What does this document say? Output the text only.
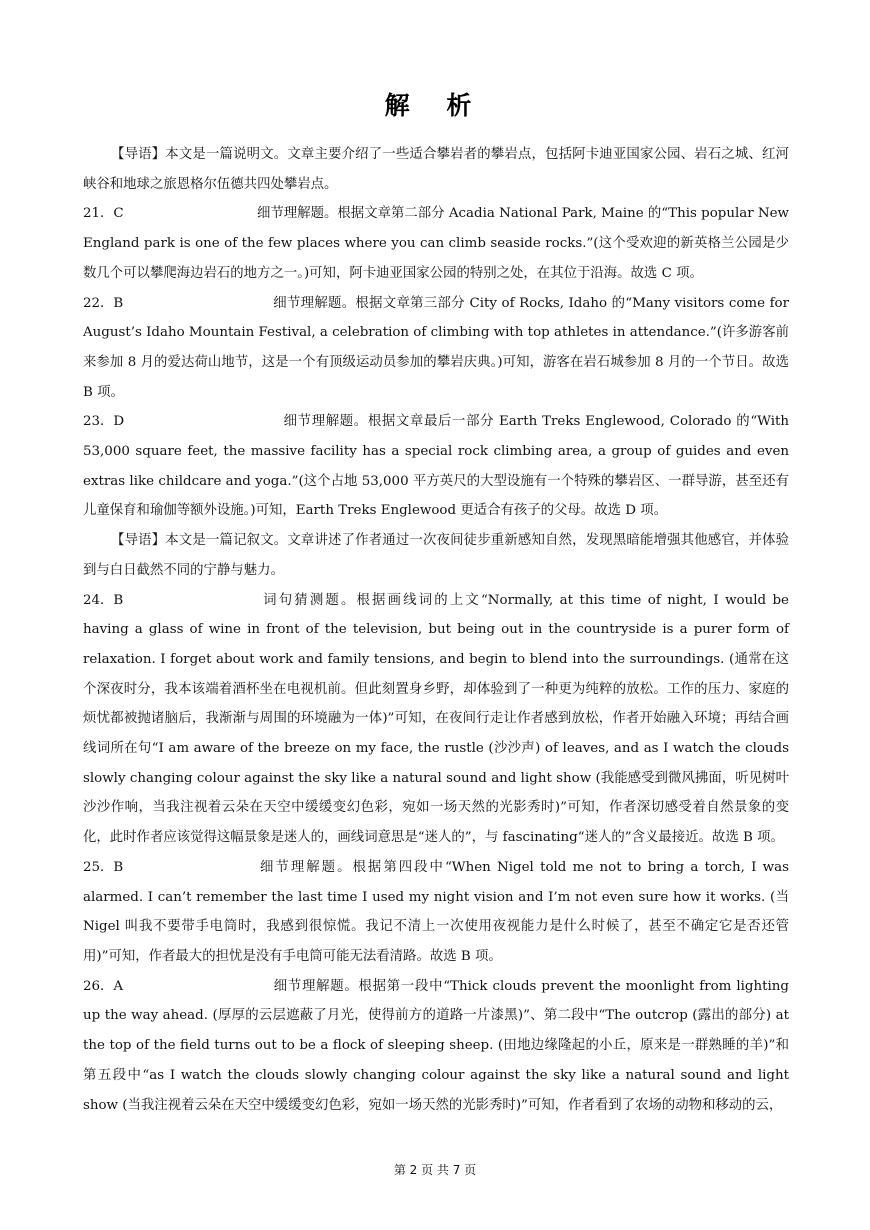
解 析

【导语】本文是一篇说明文。文章主要介绍了一些适合攀岩者的攀岩点，包括阿卡迪亚国家公园、岩石之城、红河峡谷和地球之旅恩格尔伍德共四处攀岩点。

21．C	细节理解题。根据文章第二部分 Acadia National Park, Maine 的“This popular New England park is one of the few places where you can climb seaside rocks.”(这个受欢迎的新英格兰公园是少数几个可以攀爬海边岩石的地方之一。)可知，阿卡迪亚国家公园的特别之处，在其位于沿海。故选 C 项。

22．B	细节理解题。根据文章第三部分 City of Rocks, Idaho 的“Many visitors come for August’s Idaho Mountain Festival, a celebration of climbing with top athletes in attendance.”(许多游客前来参加 8 月的爱达荷山地节，这是一个有顶级运动员参加的攀岩庆典。)可知，游客在岩石城参加 8 月的一个节日。故选 B 项。

23．D	细节理解题。根据文章最后一部分 Earth Treks Englewood, Colorado 的“With 53,000 square feet, the massive facility has a special rock climbing area, a group of guides and even extras like childcare and yoga.”(这个占地 53,000 平方英尺的大型设施有一个特殊的攀岩区、一群导游，甚至还有儿童保育和瑜伽等额外设施。)可知，Earth Treks Englewood 更适合有孩子的父母。故选 D 项。

【导语】本文是一篇记叙文。文章讲述了作者通过一次夜间徒步重新感知自然，发现黑暗能增强其他感官，并体验到与白日截然不同的宁静与魅力。

24．B	词句猜测题。根据画线词的上文“Normally, at this time of night, I would be having a glass of wine in front of the television, but being out in the countryside is a purer form of relaxation. I forget about work and family tensions, and begin to blend into the surroundings. (通常在这个深夜时分，我本该端着酒杯坐在电视机前。但此刻置身乡野，却体验到了一种更为纯粹的放松。工作的压力、家庭的烦忧都被抛诸脑后，我渐渐与周围的环境融为一体)”可知，在夜间行走让作者感到放松，作者开始融入环境；再结合画线词所在句“I am aware of the breeze on my face, the rustle (沙沙声) of leaves, and as I watch the clouds slowly changing colour against the sky like a natural sound and light show (我能感受到微风拂面，听见树叶沙沙作响，当我注视着云朵在天空中缓缓变幻色彩，宛如一场天然的光影秀时)”可知，作者深切感受着自然景象的变化，此时作者应该觉得这幅景象是迷人的，画线词意思是“迷人的”，与 fascinating“迷人的”含义最接近。故选 B 项。

25．B	细节理解题。根据第四段中“When Nigel told me not to bring a torch, I was alarmed. I can’t remember the last time I used my night vision and I’m not even sure how it works. (当 Nigel 叫我不要带手电筒时，我感到很惊慌。我记不清上一次使用夜视能力是什么时候了，甚至不确定它是否还管用)”可知，作者最大的担忧是没有手电筒可能无法看清路。故选 B 项。

26．A	细节理解题。根据第一段中“Thick clouds prevent the moonlight from lighting up the way ahead. (厚厚的云层遮蔽了月光，使得前方的道路一片漆黑)”、第二段中“The outcrop (露出的部分) at the top of the field turns out to be a flock of sleeping sheep. (田地边缘隆起的小丘，原来是一群熟睡的羊)”和第五段中“as I watch the clouds slowly changing colour against the sky like a natural sound and light show (当我注视着云朵在天空中缓缓变幻色彩，宛如一场天然的光影秀时)”可知，作者看到了农场的动物和移动的云，

第 2 页 共 7 页
